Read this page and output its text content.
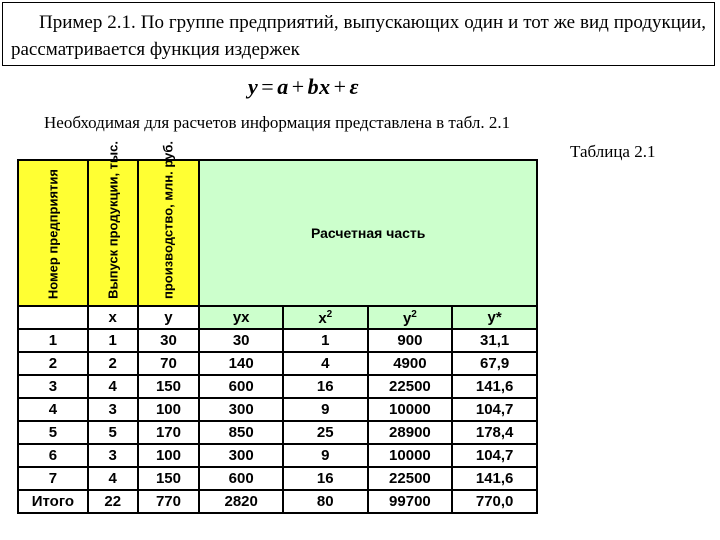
Пример 2.1. По группе предприятий, выпускающих один и тот же вид продукции, рассматривается функция издержек

y = a + bx + ε
Необходимая для расчетов информация представлена в табл. 2.1
Таблица 2.1
Номер предприятия	Выпуск продукции, тыс.	производство, млн. руб.	Расчетная часть			
	x	y	yx	$x^2$	$y^2$	y*
1	1	30	30	1	900	31,1
2	2	70	140	4	4900	67,9
3	4	150	600	16	22500	141,6
4	3	100	300	9	10000	104,7
5	5	170	850	25	28900	178,4
6	3	100	300	9	10000	104,7
7	4	150	600	16	22500	141,6
Итого	22	770	2820	80	99700	770,0
